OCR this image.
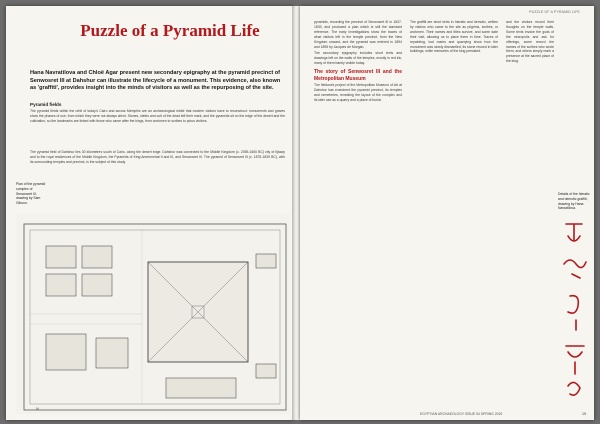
Puzzle of a Pyramid Life
Hana Navratilova and Chloë Agar present new secondary epigraphy at the pyramid precinct of Senwosret III at Dahshur can illustrate the lifecycle of a monument. This evidence, also known as 'graffiti', provides insight into the minds of visitors as well as the repurposing of the site.
Pyramid fields
The pyramid fields within the orbit of today's Cairo and across Memphis are an archaeological riddle that modern visitors have to reconstruct: monuments and graves show the phases of use, from which they were not always silent. Stones, steles and cult of the dead left their mark, and the pyramids sit on the edge of the desert and the cultivation, so the landmarks are linked with those who came after the kings, from workmen to scribes to pious visitors.
The pyramid field of Dahshur lies 30 kilometres south of Cairo, along the desert edge. Dahshur was connected to the Middle Kingdom (c. 2055-1650 BC) city of Itjtawy and to the royal residences of the Middle Kingdom, the Pyramids of King Amenemhat II and III, and Senwosret III. The pyramid of Senwosret III (c. 1878-1839 BC), with its surrounding temples and precinct, is the subject of this study.
Plan of the pyramid complex of Senwosret III, drawing by Sam Gibson.
N
PUZZLE OF A PYRAMID LIFE

pyramids, recording the precinct of Senwosret III in 1837-1839, and produced a plan which is still the standard reference. The early investigations show the traces of what visitors left in the temple precinct, from the New Kingdom onward, and the pyramid was entered in 1894 and 1895 by Jacques de Morgan.

The secondary epigraphy includes short texts and drawings left on the walls of the temples, mostly in red ink, many of them barely visible today.

The story of Senwosret III and the Metropolitan Museum

The fieldwork project of the Metropolitan Museum of Art at Dahshur has examined the pyramid precinct, its temples and cemeteries, revealing the layout of the complex and its later use as a quarry and a place of burial.

The graffiti are short texts in hieratic and demotic, written by visitors who came to the site as pilgrims, scribes, or workmen. Their names and titles survive, and some date their visit, allowing us to place them in time. Traces of repainting, tool marks and quarrying show how the monument was slowly dismantled, its stone reused in later buildings, while memories of the king persisted.

and the visitors record their thoughts on the temple walls. Some texts invoke the gods of the necropolis and ask for offerings, some record the names of the scribes who wrote them, and others simply mark a presence at the sacred place of the king.

Details of the hieratic and demotic graffiti, drawing by Hana Navratilova.
EGYPTIAN ARCHAEOLOGY ISSUE 54 SPRING 2019	19
